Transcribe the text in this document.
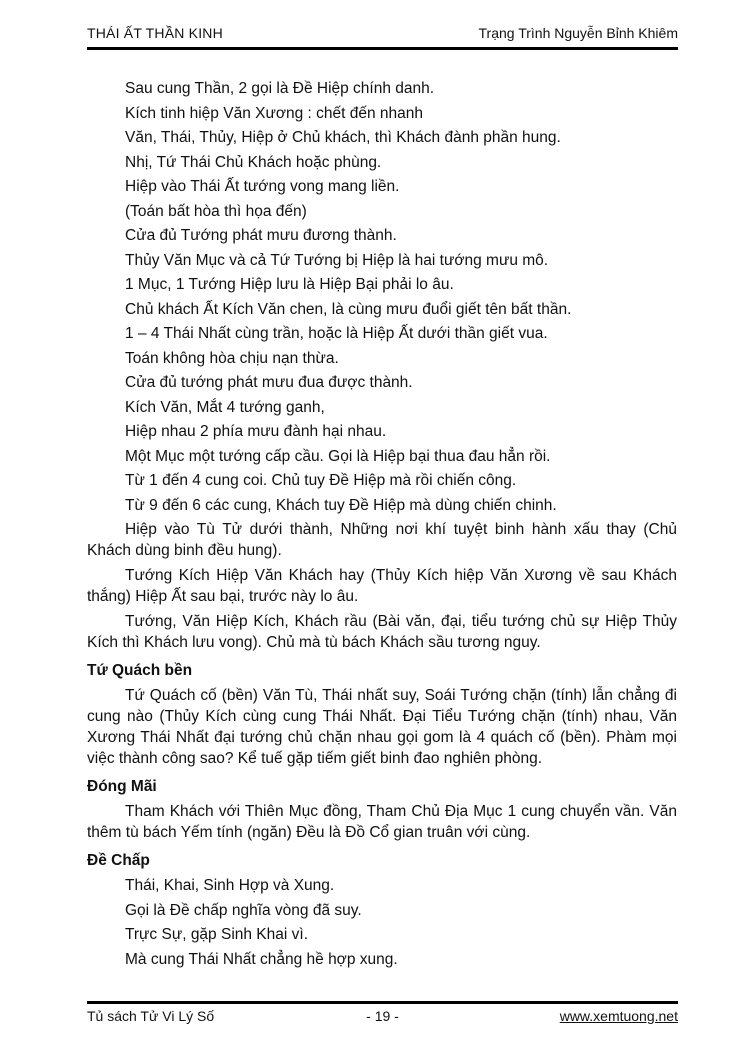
THÁI ẤT THẦN KINH	Trạng Trình Nguyễn Bỉnh Khiêm

Sau cung Thần, 2 gọi là Đề Hiệp chính danh.

Kích tinh hiệp Văn Xương : chết đến nhanh

Văn, Thái, Thủy, Hiệp ở Chủ khách, thì Khách đành phần hung.

Nhị, Tứ Thái Chủ Khách hoặc phùng.

Hiệp vào Thái Ất tướng vong mang liền.

(Toán bất hòa thì họa đến)

Cửa đủ Tướng phát mưu đương thành.

Thủy Văn Mục và cả Tứ Tướng bị Hiệp là hai tướng mưu mô.

1 Mục, 1 Tướng Hiệp lưu là Hiệp Bại phải lo âu.

Chủ khách Ất Kích Văn chen, là cùng mưu đuổi giết tên bất thần.

1 – 4 Thái Nhất cùng trần, hoặc là Hiệp Ất dưới thần giết vua.

Toán không hòa chịu nạn thừa.

Cửa đủ tướng phát mưu đua được thành.

Kích Văn, Mắt 4 tướng ganh,

Hiệp nhau 2 phía mưu đành hại nhau.

Một Mục một tướng cấp cầu. Gọi là Hiệp bại thua đau hẳn rồi.

Từ 1 đến 4 cung coi. Chủ tuy Đề Hiệp mà rồi chiến công.

Từ 9 đến 6 các cung, Khách tuy Đề Hiệp mà dùng chiến chinh.

Hiệp vào Tù Tử dưới thành, Những nơi khí tuyệt binh hành xấu thay (Chủ Khách dùng binh đều hung).

Tướng Kích Hiệp Văn Khách hay (Thủy Kích hiệp Văn Xương về sau Khách thắng) Hiệp Ất sau bại, trước này lo âu.

Tướng, Văn Hiệp Kích, Khách rầu (Bài văn, đại, tiểu tướng chủ sự Hiệp Thủy Kích thì Khách lưu vong). Chủ mà tù bách Khách sầu tương nguy.

Tứ Quách bền

Tứ Quách cố (bền) Văn Tù, Thái nhất suy, Soái Tướng chặn (tính) lẫn chẳng đi cung nào (Thủy Kích cùng cung Thái Nhất. Đại Tiểu Tướng chặn (tính) nhau, Văn Xương Thái Nhất đại tướng chủ chặn nhau gọi gom là 4 quách cố (bền). Phàm mọi việc thành công sao? Kể tuế gặp tiếm giết binh đao nghiên phòng.

Đóng Mãi

Tham Khách với Thiên Mục đồng, Tham Chủ Địa Mục 1 cung chuyển vần. Văn thêm tù bách Yếm tính (ngăn) Đều là Đồ Cổ gian truân với cùng.

Đề Chấp

Thái, Khai, Sinh Hợp và Xung.

Gọi là Đề chấp nghĩa vòng đã suy.

Trực Sự, gặp Sinh Khai vì.

Mà cung Thái Nhất chẳng hề hợp xung.

Tủ sách Tử Vi Lý Số	- 19 -	www.xemtuong.net
